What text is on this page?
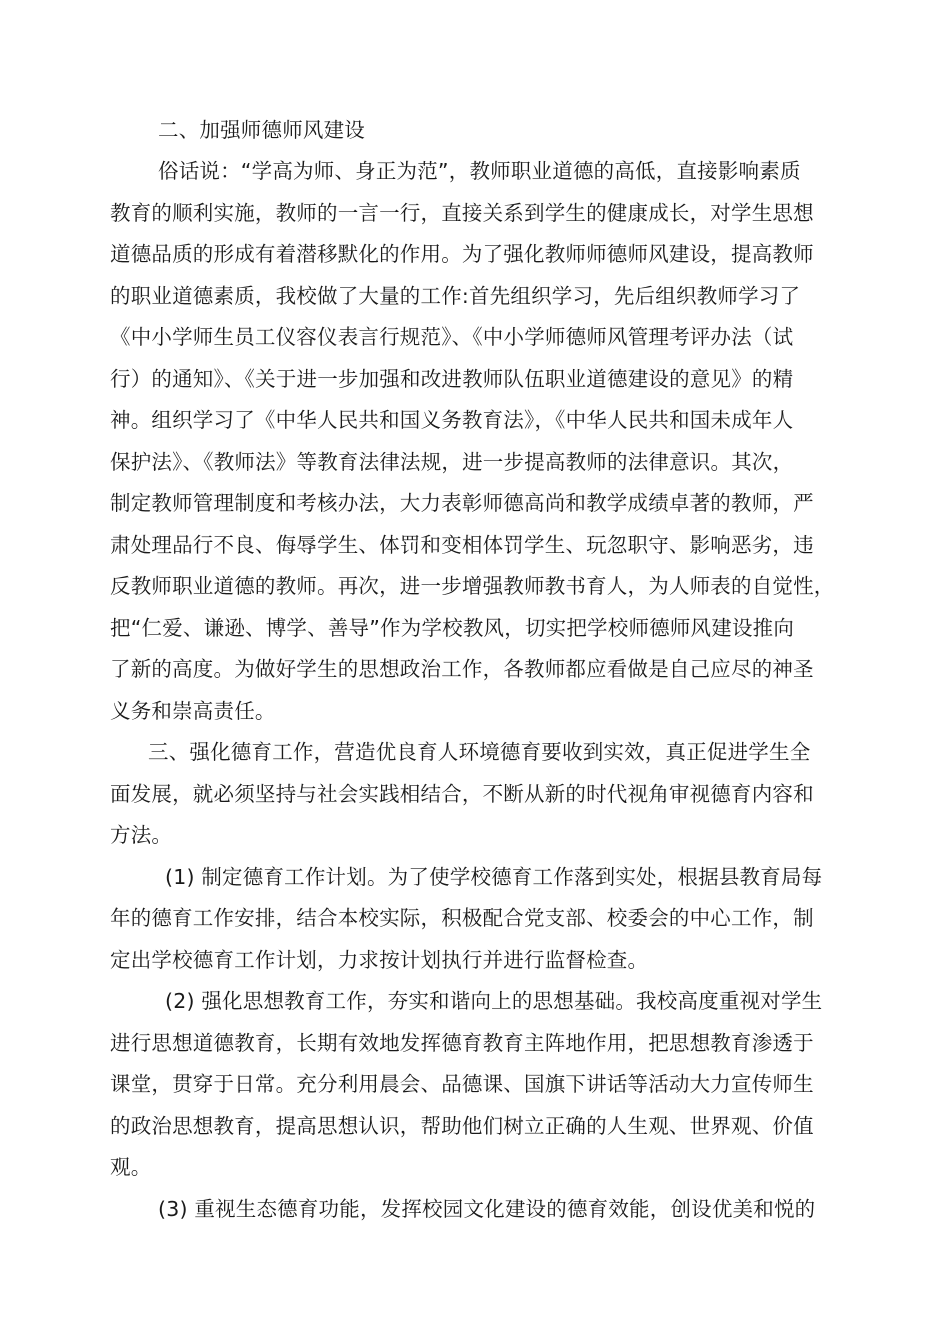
二、加强师德师风建设
俗话说：“学高为师、身正为范”，教师职业道德的高低，直接影响素质
教育的顺利实施，教师的一言一行，直接关系到学生的健康成长，对学生思想
道德品质的形成有着潜移默化的作用。为了强化教师师德师风建设，提高教师
的职业道德素质，我校做了大量的工作:首先组织学习，先后组织教师学习了
《中小学师生员工仪容仪表言行规范》、《中小学师德师风管理考评办法（试
行）的通知》、《关于进一步加强和改进教师队伍职业道德建设的意见》的精
神。组织学习了《中华人民共和国义务教育法》，《中华人民共和国未成年人
保护法》、《教师法》等教育法律法规，进一步提高教师的法律意识。其次，
制定教师管理制度和考核办法，大力表彰师德高尚和教学成绩卓著的教师，严
肃处理品行不良、侮辱学生、体罚和变相体罚学生、玩忽职守、影响恶劣，违
反教师职业道德的教师。再次，进一步增强教师教书育人，为人师表的自觉性，
把“仁爱、谦逊、博学、善导”作为学校教风，切实把学校师德师风建设推向
了新的高度。为做好学生的思想政治工作，各教师都应看做是自己应尽的神圣
义务和崇高责任。
三、强化德育工作，营造优良育人环境德育要收到实效，真正促进学生全
面发展，就必须坚持与社会实践相结合，不断从新的时代视角审视德育内容和
方法。
(1) 制定德育工作计划。为了使学校德育工作落到实处，根据县教育局每
年的德育工作安排，结合本校实际，积极配合党支部、校委会的中心工作，制
定出学校德育工作计划，力求按计划执行并进行监督检查。
(2) 强化思想教育工作，夯实和谐向上的思想基础。我校高度重视对学生
进行思想道德教育，长期有效地发挥德育教育主阵地作用，把思想教育渗透于
课堂，贯穿于日常。充分利用晨会、品德课、国旗下讲话等活动大力宣传师生
的政治思想教育，提高思想认识，帮助他们树立正确的人生观、世界观、价值
观。
(3) 重视生态德育功能，发挥校园文化建设的德育效能，创设优美和悦的
